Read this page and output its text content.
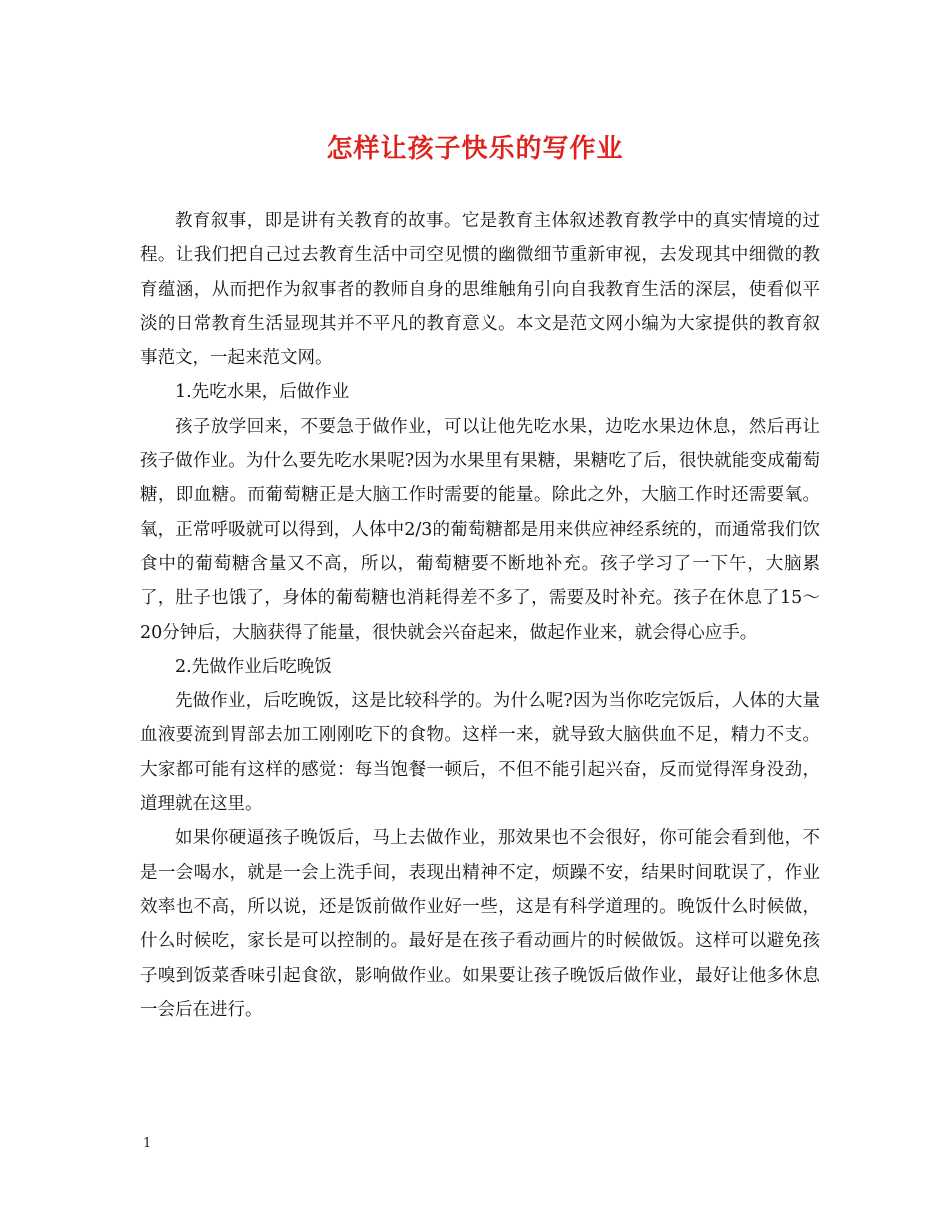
怎样让孩子快乐的写作业

教育叙事，即是讲有关教育的故事。它是教育主体叙述教育教学中的真实情境的过程。让我们把自己过去教育生活中司空见惯的幽微细节重新审视，去发现其中细微的教育蕴涵，从而把作为叙事者的教师自身的思维触角引向自我教育生活的深层，使看似平淡的日常教育生活显现其并不平凡的教育意义。本文是范文网小编为大家提供的教育叙事范文，一起来范文网。

1.先吃水果，后做作业

孩子放学回来，不要急于做作业，可以让他先吃水果，边吃水果边休息，然后再让孩子做作业。为什么要先吃水果呢?因为水果里有果糖，果糖吃了后，很快就能变成葡萄糖，即血糖。而葡萄糖正是大脑工作时需要的能量。除此之外，大脑工作时还需要氧。氧，正常呼吸就可以得到，人体中2/3的葡萄糖都是用来供应神经系统的，而通常我们饮食中的葡萄糖含量又不高，所以，葡萄糖要不断地补充。孩子学习了一下午，大脑累了，肚子也饿了，身体的葡萄糖也消耗得差不多了，需要及时补充。孩子在休息了15～20分钟后，大脑获得了能量，很快就会兴奋起来，做起作业来，就会得心应手。

2.先做作业后吃晚饭

先做作业，后吃晚饭，这是比较科学的。为什么呢?因为当你吃完饭后，人体的大量血液要流到胃部去加工刚刚吃下的食物。这样一来，就导致大脑供血不足，精力不支。大家都可能有这样的感觉：每当饱餐一顿后，不但不能引起兴奋，反而觉得浑身没劲，道理就在这里。

如果你硬逼孩子晚饭后，马上去做作业，那效果也不会很好，你可能会看到他，不是一会喝水，就是一会上洗手间，表现出精神不定，烦躁不安，结果时间耽误了，作业效率也不高，所以说，还是饭前做作业好一些，这是有科学道理的。晚饭什么时候做，什么时候吃，家长是可以控制的。最好是在孩子看动画片的时候做饭。这样可以避免孩子嗅到饭菜香味引起食欲，影响做作业。如果要让孩子晚饭后做作业，最好让他多休息一会后在进行。

1
